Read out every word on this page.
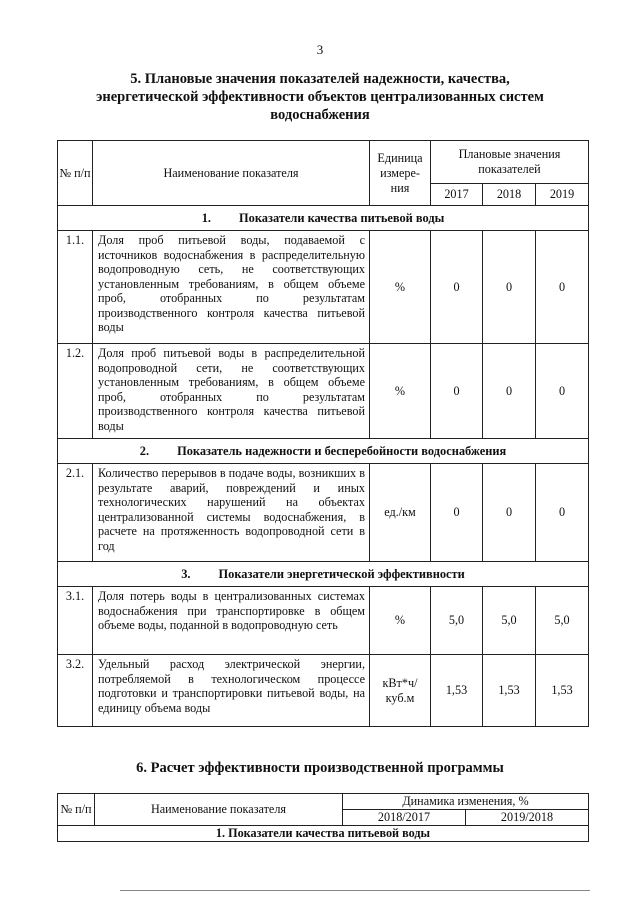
3
5. Плановые значения показателей надежности, качества, энергетической эффективности объектов централизованных систем водоснабжения
№ п/п	Наименование показателя	Единица измере- ния	Плановые значения показателей		
			2017	2018	2019
1. Показатели качества питьевой воды					
1.1.	Доля проб питьевой воды, подаваемой с источников водоснабжения в распределительную водопроводную сеть, не соответствующих установленным требованиям, в общем объеме проб, отобранных по результатам производственного контроля качества питьевой воды	%	0	0	0
1.2.	Доля проб питьевой воды в распределительной водопроводной сети, не соответствующих установленным требованиям, в общем объеме проб, отобранных по результатам производственного контроля качества питьевой воды	%	0	0	0
2. Показатель надежности и бесперебойности водоснабжения					
2.1.	Количество перерывов в подаче воды, возникших в результате аварий, повреждений и иных технологических нарушений на объектах централизованной системы водоснабжения, в расчете на протяженность водопроводной сети в год	ед./км	0	0	0
3. Показатели энергетической эффективности					
3.1.	Доля потерь воды в централизованных системах водоснабжения при транспортировке в общем объеме воды, поданной в водопроводную сеть	%	5,0	5,0	5,0
3.2.	Удельный расход электрической энергии, потребляемой в технологическом процессе подготовки и транспортировки питьевой воды, на единицу объема воды	кВт*ч/ куб.м	1,53	1,53	1,53
6. Расчет эффективности производственной программы
№ п/п	Наименование показателя	Динамика изменения, %	
		2018/2017	2019/2018
1. Показатели качества питьевой воды			
